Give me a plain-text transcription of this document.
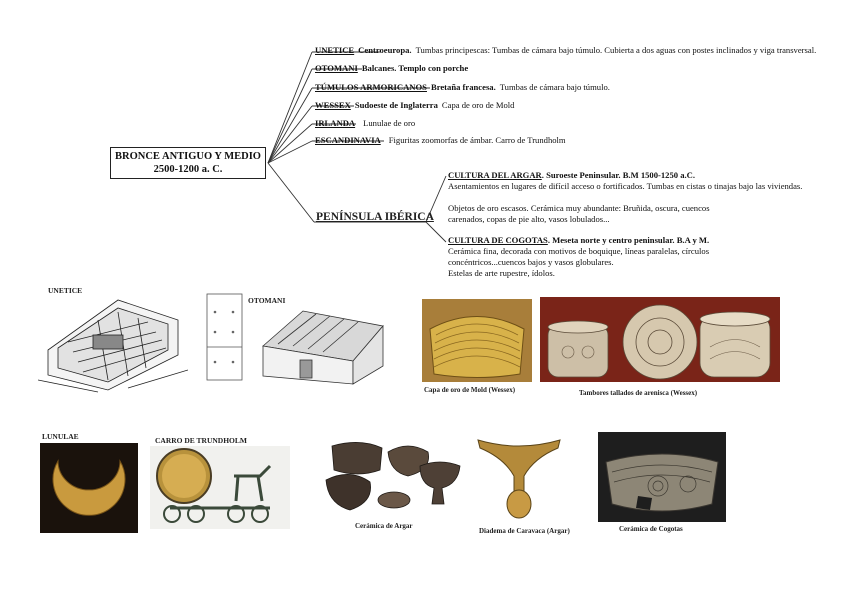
BRONCE ANTIGUO Y MEDIO
2500-1200 a. C.
UNETICE Centroeuropa. Tumbas principescas: Tumbas de cámara bajo túmulo. Cubierta a dos aguas con postes inclinados y viga transversal.
OTOMANI Balcanes. Templo con porche
TÚMULOS ARMORICANOS Bretaña francesa. Tumbas de cámara bajo túmulo.
WESSEX Sudoeste de Inglaterra Capa de oro de Mold
IRLANDA Lunulae de oro
ESCANDINAVIA Figuritas zoomorfas de ámbar. Carro de Trundholm
PENÍNSULA IBÉRICA
CULTURA DEL ARGAR. Suroeste Peninsular. B.M 1500-1250 a.C.
Asentamientos en lugares de difícil acceso o fortificados. Tumbas en cistas o tinajas bajo las viviendas.
Objetos de oro escasos. Cerámica muy abundante: Bruñida, oscura, cuencos
carenados, copas de pie alto, vasos lobulados...
CULTURA DE COGOTAS. Meseta norte y centro peninsular. B.A y M.
Cerámica fina, decorada con motivos de boquique, líneas paralelas, círculos
concéntricos...cuencos bajos y vasos globulares.
Estelas de arte rupestre, ídolos.
UNETICE
OTOMANI
Capa de oro de Mold (Wessex)	Tambores tallados de arenisca (Wessex)
LUNULAE	CARRO DE TRUNDHOLM
Cerámica de Argar
Diadema de Caravaca (Argar)	Cerámica de Cogotas
